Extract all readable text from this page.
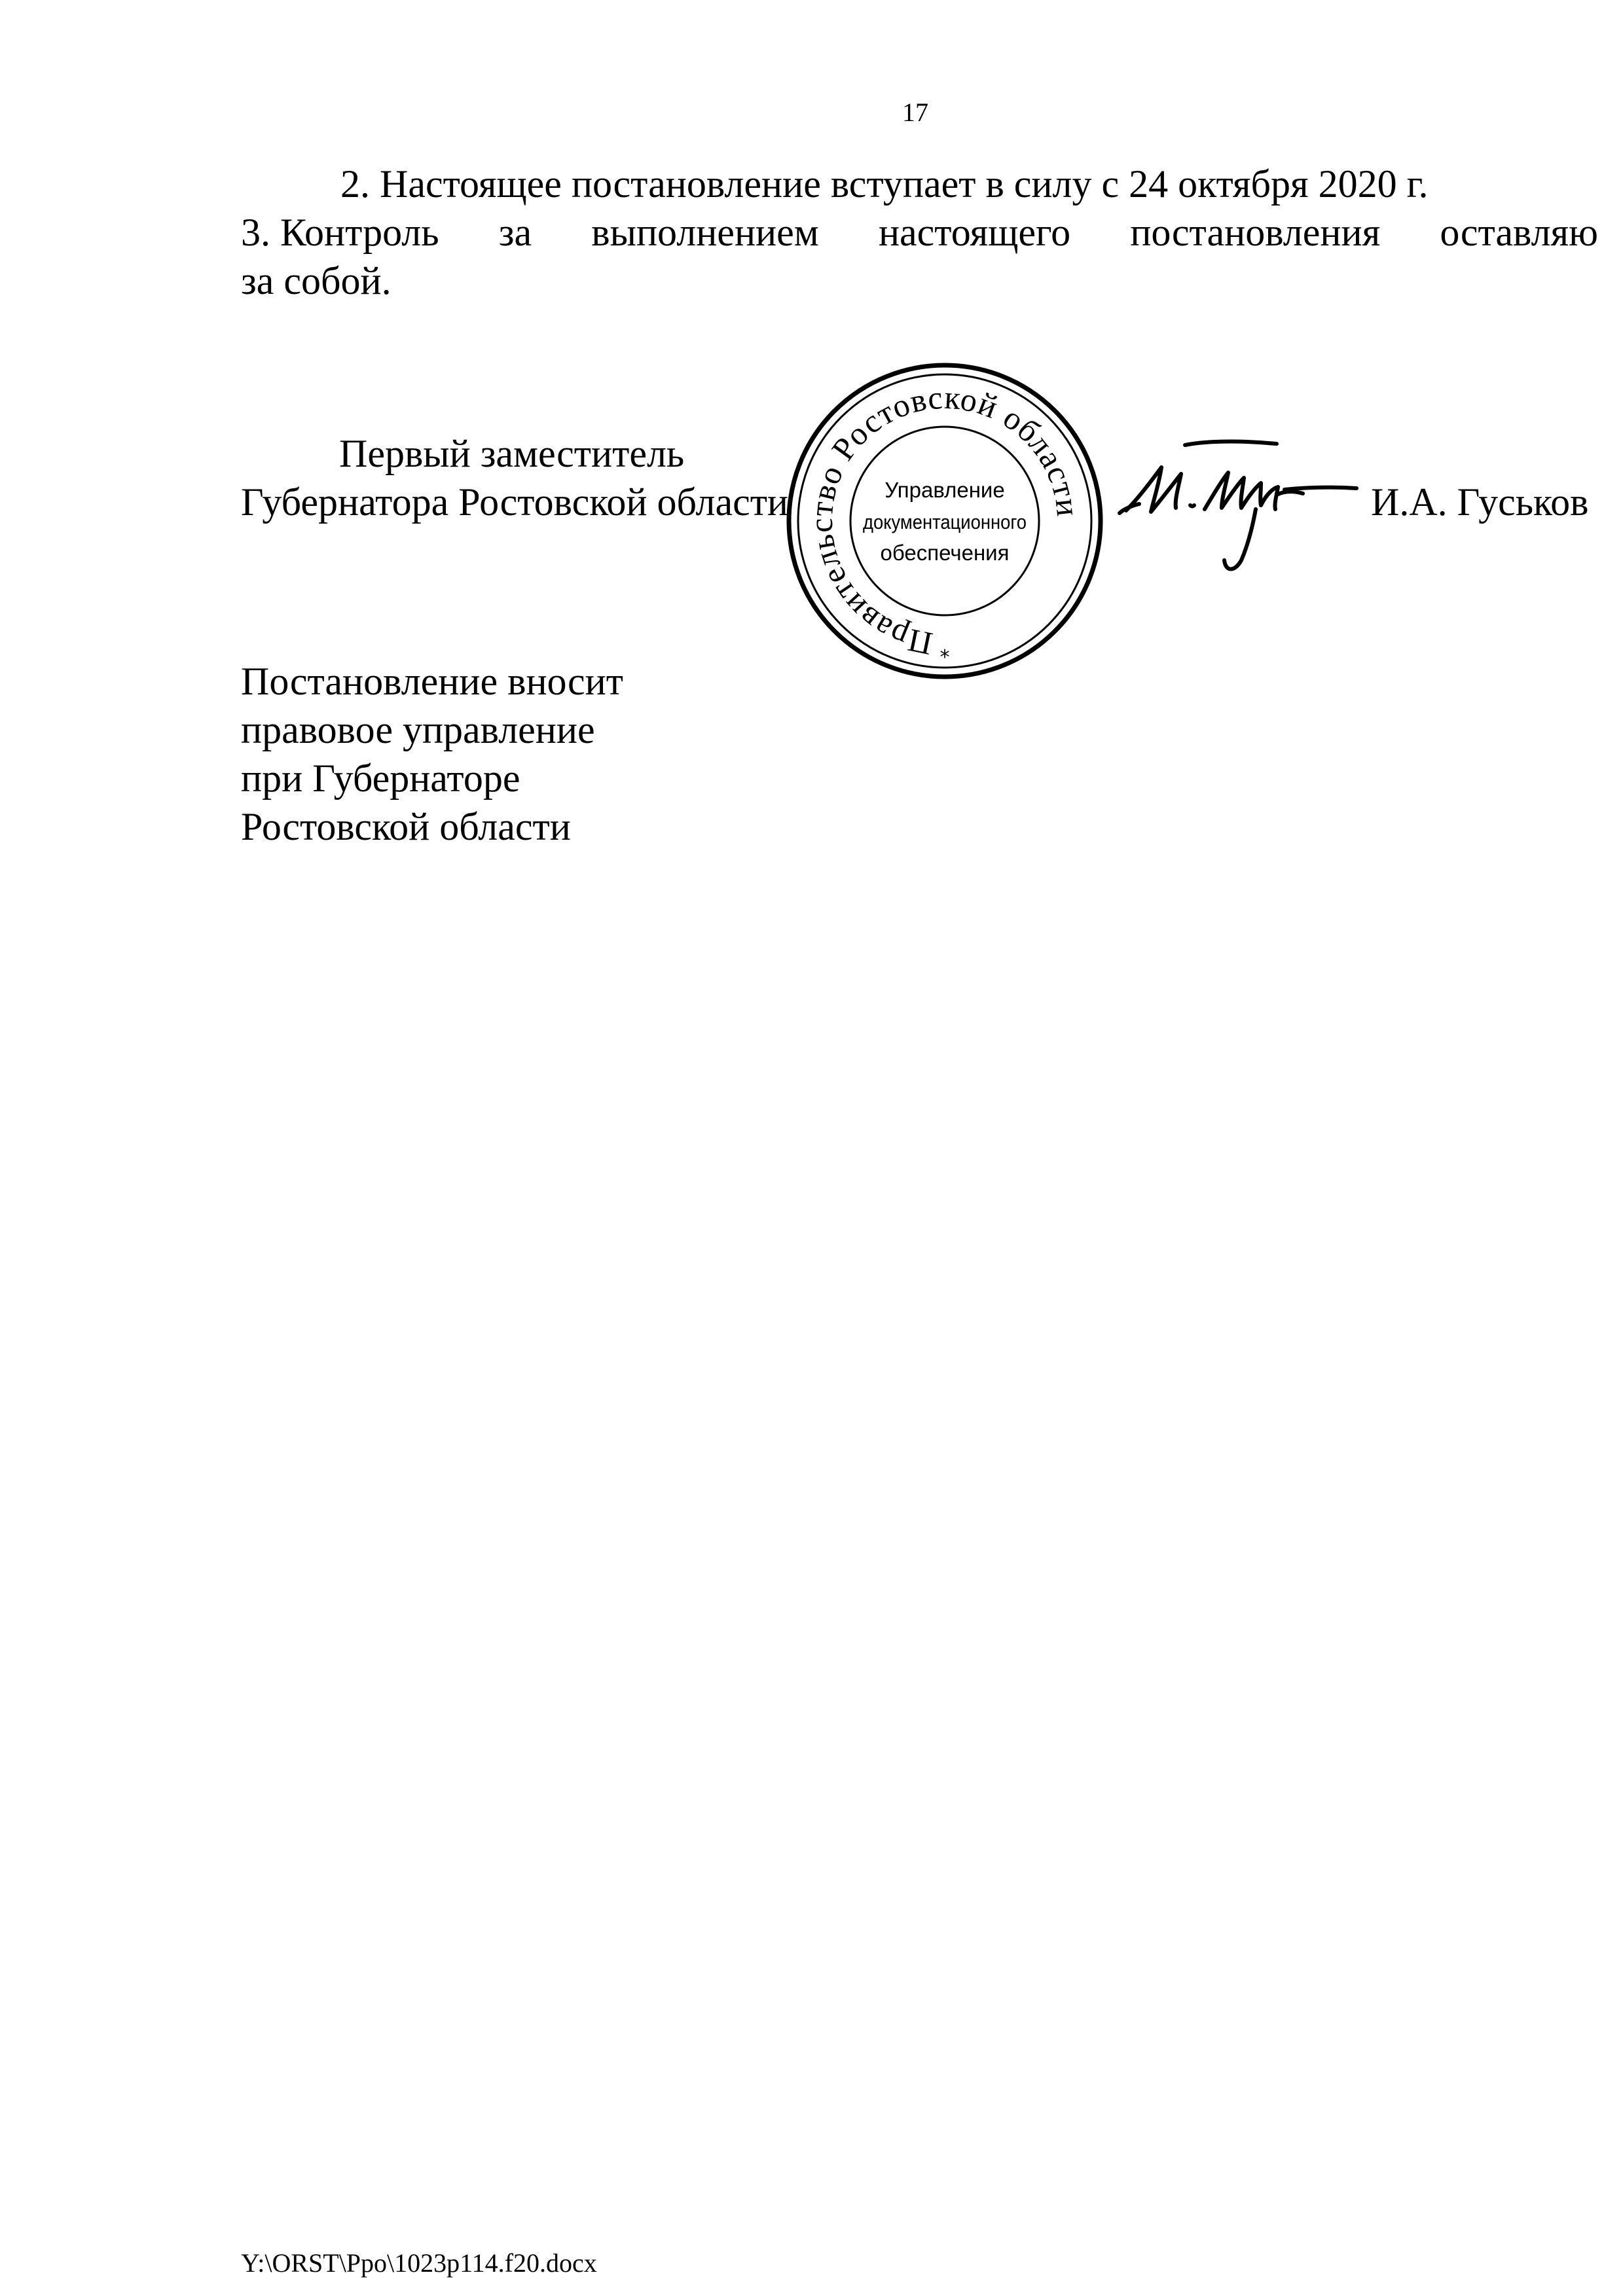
17
2. Настоящее постановление вступает в силу с 24 октября 2020 г.
3. Контроль за выполнением настоящего постановления оставляю
за собой.
Первый заместитель
Губернатора Ростовской области
Правительство Ростовской области
Управление
документационного
обеспечения
*
И.А. Гуськов
Постановление вносит
правовое управление
при Губернаторе
Ростовской области
Y:\ORST\Ppo\1023p114.f20.docx
